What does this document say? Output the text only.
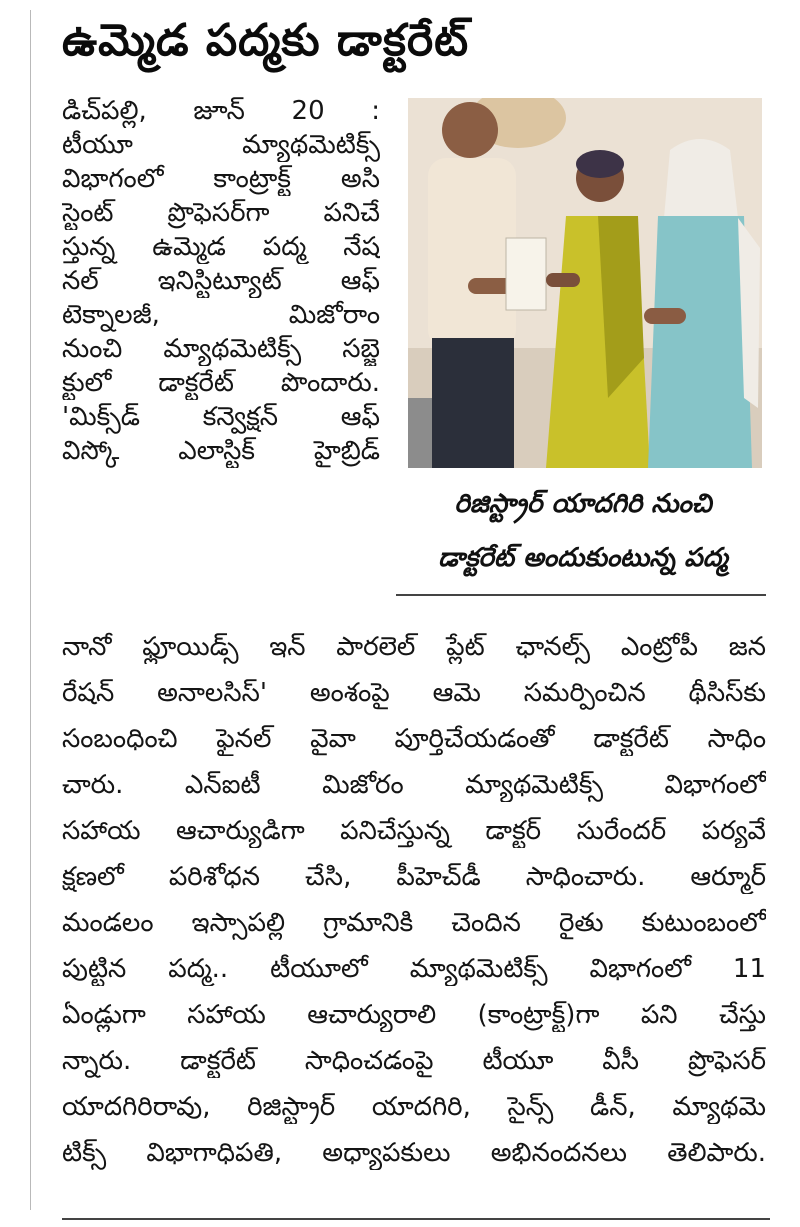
ఉమ్మెడ పద్మకు డాక్టరేట్
డిచ్‌పల్లి, జూన్ 20 :
టీయూ మ్యాథమెటిక్స్
విభాగంలో కాంట్రాక్ట్ అసి
స్టెంట్ ప్రొఫెసర్‌గా పనిచే
స్తున్న ఉమ్మెడ పద్మ నేష
నల్ ఇనిస్టిట్యూట్ ఆఫ్
టెక్నాలజీ, మిజోరాం
నుంచి మ్యాథమెటిక్స్ సబ్జె
క్టులో డాక్టరేట్ పొందారు.
'మిక్స్‌డ్ కన్వెక్షన్ ఆఫ్
విస్కో ఎలాస్టిక్ హైబ్రిడ్
రిజిస్ట్రార్ యాదగిరి నుంచి
డాక్టరేట్ అందుకుంటున్న పద్మ
నానో ఫ్లూయిడ్స్ ఇన్ పారలెల్ ప్లేట్ ఛానల్స్ ఎంట్రోపీ జన
రేషన్ అనాలసిస్' అంశంపై ఆమె సమర్పించిన థీసిస్‌కు
సంబంధించి ఫైనల్ వైవా పూర్తిచేయడంతో డాక్టరేట్ సాధిం
చారు. ఎన్ఐటీ మిజోరం మ్యాథమెటిక్స్ విభాగంలో
సహాయ ఆచార్యుడిగా పనిచేస్తున్న డాక్టర్ సురేందర్ పర్యవే
క్షణలో పరిశోధన చేసి, పీహెచ్‌డీ సాధించారు. ఆర్మూర్
మండలం ఇస్సాపల్లి గ్రామానికి చెందిన రైతు కుటుంబంలో
పుట్టిన పద్మ.. టీయూలో మ్యాథమెటిక్స్ విభాగంలో 11
ఏండ్లుగా సహాయ ఆచార్యురాలి (కాంట్రాక్ట్)గా పని చేస్తు
న్నారు. డాక్టరేట్ సాధించడంపై టీయూ వీసీ ప్రొఫెసర్
యాదగిరిరావు, రిజిస్ట్రార్ యాదగిరి, సైన్స్ డీన్, మ్యాథమె
టిక్స్ విభాగాధిపతి, అధ్యాపకులు అభినందనలు తెలిపారు.
